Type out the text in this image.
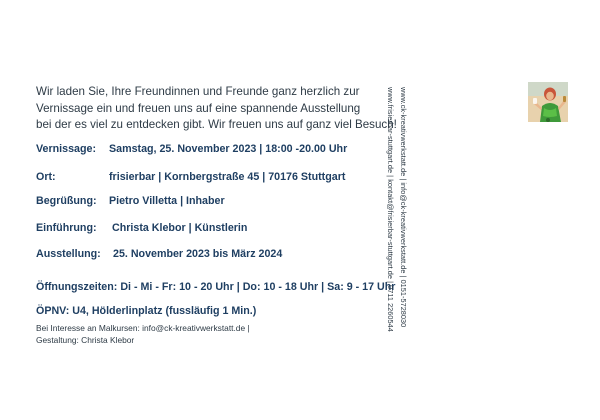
Wir laden Sie, Ihre Freundinnen und Freunde ganz herzlich zur
Vernissage ein und freuen uns auf eine spannende Ausstellung
bei der es viel zu entdecken gibt. Wir freuen uns auf ganz viel Besuch!

Vernissage: Samstag, 25. November 2023 | 18:00 -20.00 Uhr
Ort:	frisierbar | Kornbergstraße 45 | 70176 Stuttgart
Begrüßung: Pietro Villetta | Inhaber
Einführung: Christa Klebor | Künstlerin
Ausstellung: 25. November 2023 bis März 2024
Öffnungszeiten: Di - Mi - Fr: 10 - 20 Uhr | Do: 10 - 18 Uhr | Sa: 9 - 17 Uhr
ÖPNV: U4, Hölderlinplatz (fussläufig 1 Min.)
Bei Interesse an Malkursen: info@ck-kreativwerkstatt.de |
Gestaltung: Christa Klebor
www.ck-kreativwerkstatt.de | info@ck-kreativwerkstatt.de | 0151-5728030
www.frisierbar-stuttgart.de | kontakt@frisierbar-stuttgart.de | 0711 2260544
